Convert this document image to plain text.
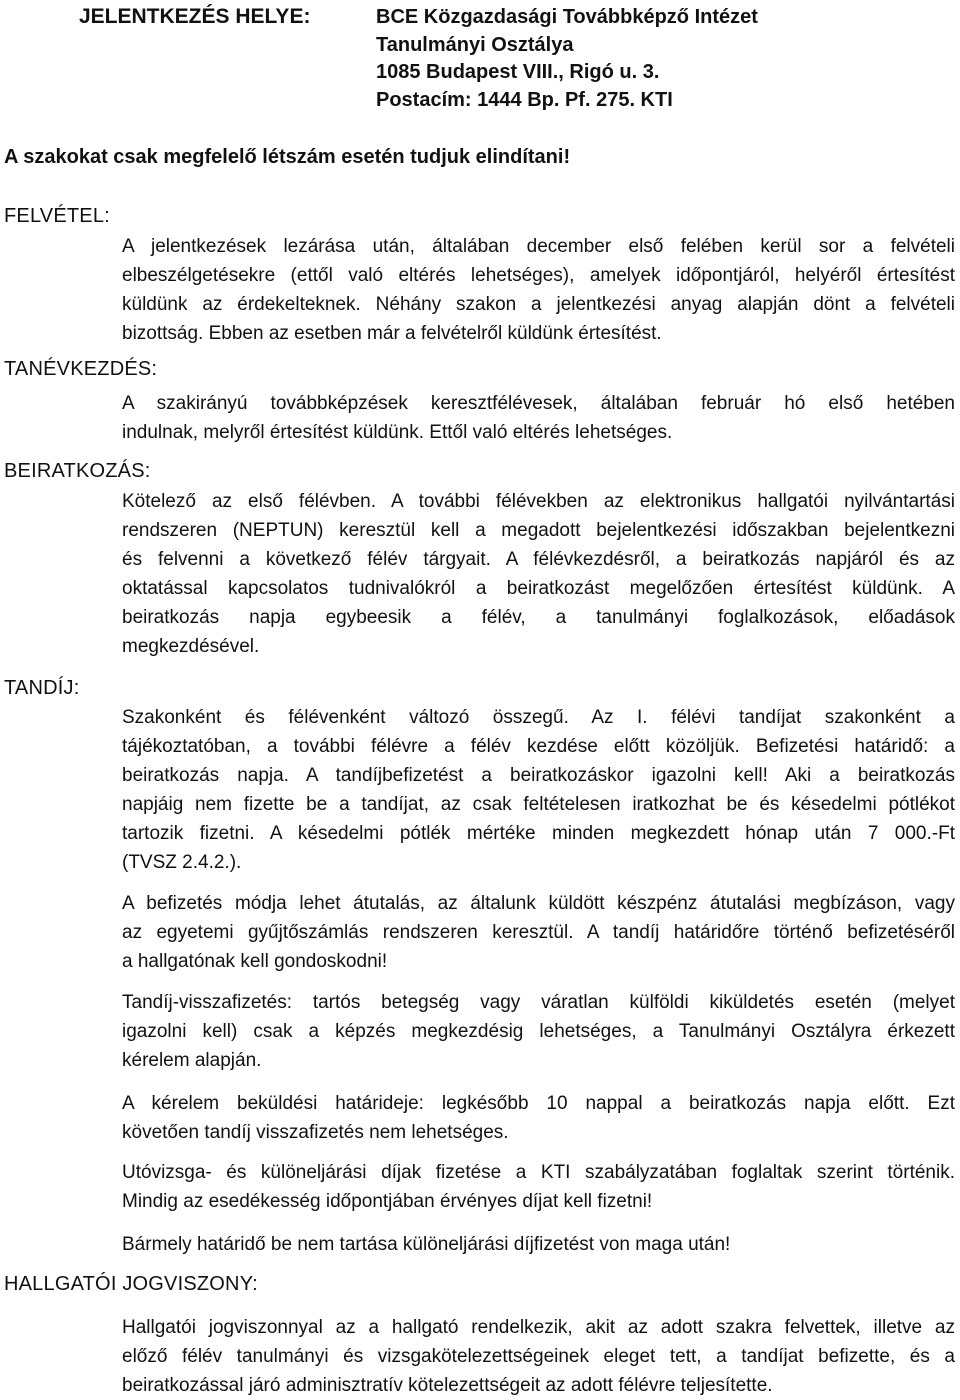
JELENTKEZÉS HELYE:	BCE Közgazdasági Továbbképző Intézet
Tanulmányi Osztálya
1085 Budapest VIII., Rigó u. 3.
Postacím: 1444 Bp. Pf. 275. KTI
A szakokat csak megfelelő létszám esetén tudjuk elindítani!
FELVÉTEL:
A jelentkezések lezárása után, általában december első felében kerül sor a felvételi
elbeszélgetésekre (ettől való eltérés lehetséges), amelyek időpontjáról, helyéről értesítést
küldünk az érdekelteknek. Néhány szakon a jelentkezési anyag alapján dönt a felvételi
bizottság. Ebben az esetben már a felvételről küldünk értesítést.
TANÉVKEZDÉS:
A szakirányú továbbképzések keresztfélévesek, általában február hó első hetében
indulnak, melyről értesítést küldünk. Ettől való eltérés lehetséges.
BEIRATKOZÁS:
Kötelező az első félévben. A további félévekben az elektronikus hallgatói nyilvántartási
rendszeren (NEPTUN) keresztül kell a megadott bejelentkezési időszakban bejelentkezni
és felvenni a következő félév tárgyait. A félévkezdésről, a beiratkozás napjáról és az
oktatással kapcsolatos tudnivalókról a beiratkozást megelőzően értesítést küldünk. A
beiratkozás napja egybeesik a félév, a tanulmányi foglalkozások, előadások
megkezdésével.
TANDÍJ:
Szakonként és félévenként változó összegű. Az I. félévi tandíjat szakonként a
tájékoztatóban, a további félévre a félév kezdése előtt közöljük. Befizetési határidő: a
beiratkozás napja. A tandíjbefizetést a beiratkozáskor igazolni kell! Aki a beiratkozás
napjáig nem fizette be a tandíjat, az csak feltételesen iratkozhat be és késedelmi pótlékot
tartozik fizetni. A késedelmi pótlék mértéke minden megkezdett hónap után 7 000.-Ft
(TVSZ 2.4.2.).
A befizetés módja lehet átutalás, az általunk küldött készpénz átutalási megbízáson, vagy
az egyetemi gyűjtőszámlás rendszeren keresztül. A tandíj határidőre történő befizetéséről
a hallgatónak kell gondoskodni!
Tandíj-visszafizetés: tartós betegség vagy váratlan külföldi kiküldetés esetén (melyet
igazolni kell) csak a képzés megkezdésig lehetséges, a Tanulmányi Osztályra érkezett
kérelem alapján.
A kérelem beküldési határideje: legkésőbb 10 nappal a beiratkozás napja előtt. Ezt
követően tandíj visszafizetés nem lehetséges.
Utóvizsga- és különeljárási díjak fizetése a KTI szabályzatában foglaltak szerint történik.
Mindig az esedékesség időpontjában érvényes díjat kell fizetni!
Bármely határidő be nem tartása különeljárási díjfizetést von maga után!
HALLGATÓI JOGVISZONY:
Hallgatói jogviszonnyal az a hallgató rendelkezik, akit az adott szakra felvettek, illetve az
előző félév tanulmányi és vizsgakötelezettségeinek eleget tett, a tandíjat befizette, és a
beiratkozással járó adminisztratív kötelezettségeit az adott félévre teljesítette.
